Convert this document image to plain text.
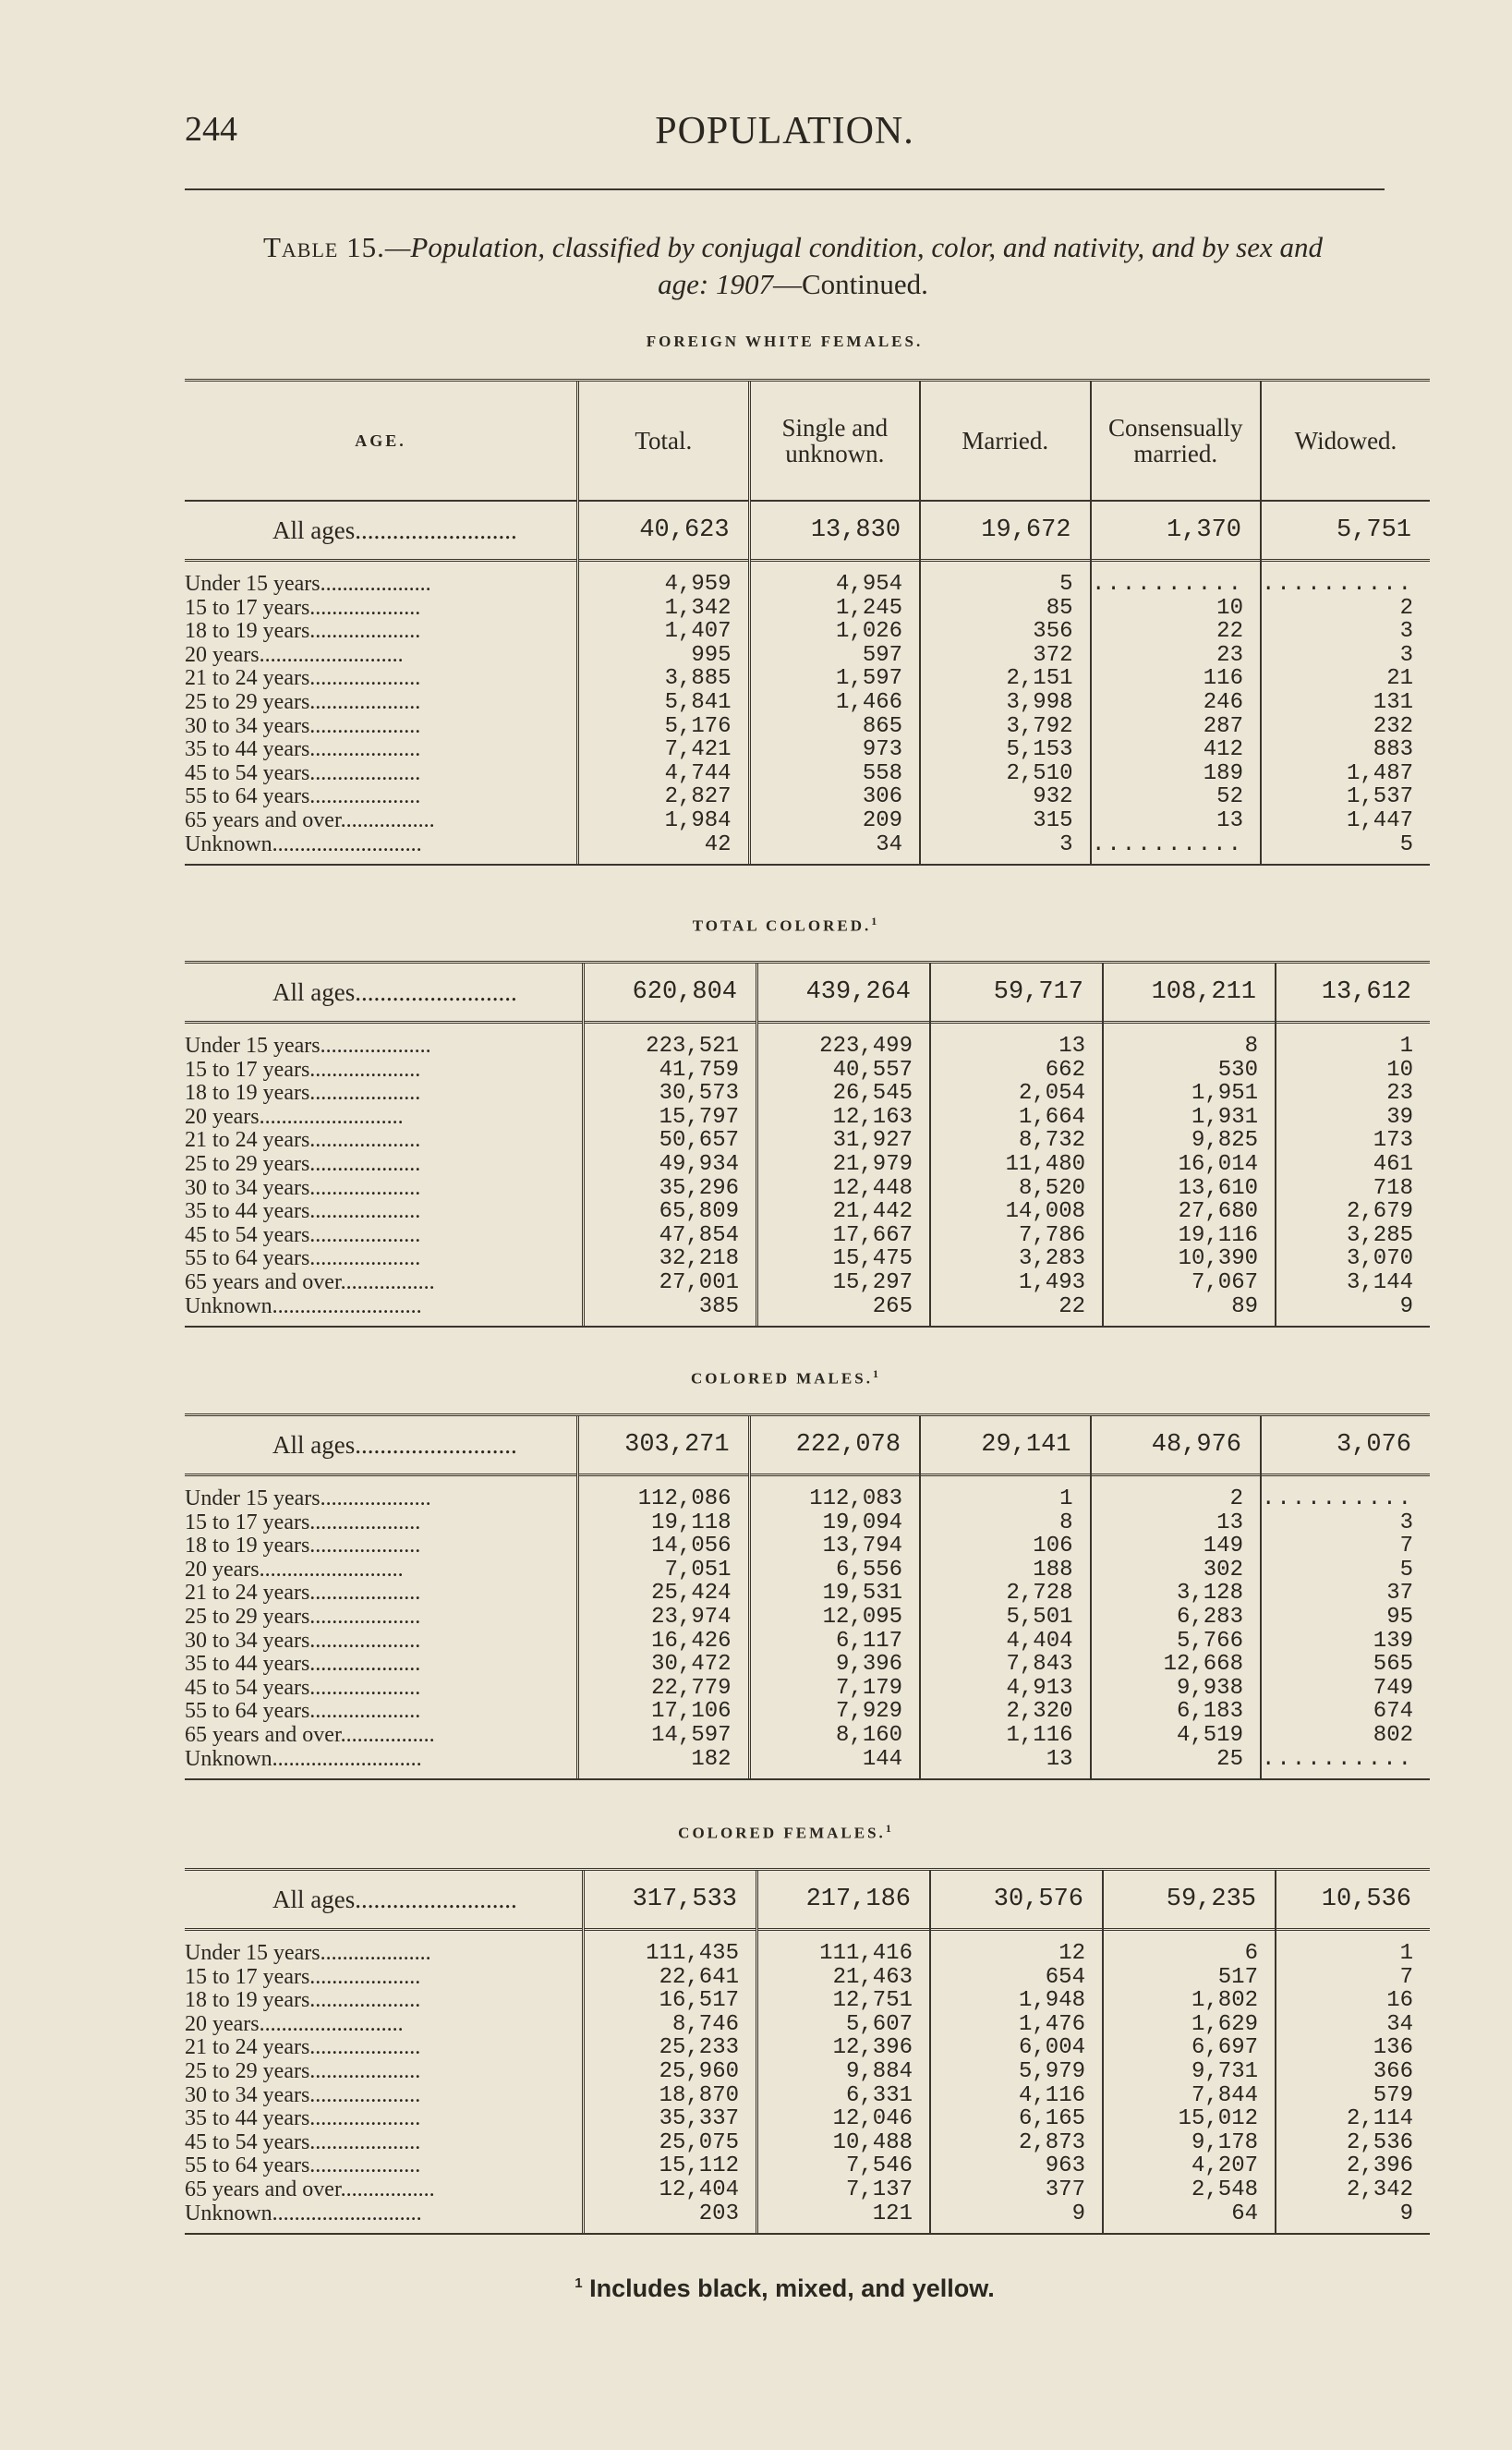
244	POPULATION.
Table 15.—Population, classified by conjugal condition, color, and nativity, and by sex and age: 1907—Continued.
FOREIGN WHITE FEMALES.
AGE.
All ages..........................
Under 15 years....................
15 to 17 years....................
18 to 19 years....................
20 years..........................
21 to 24 years....................
25 to 29 years....................
30 to 34 years....................
35 to 44 years....................
45 to 54 years....................
55 to 64 years....................
65 years and over.................
Unknown...........................
Total.
40,623
4,959
1,342
1,407
995
3,885
5,841
5,176
7,421
4,744
2,827
1,984
42
Single and unknown.
13,830
4,954
1,245
1,026
597
1,597
1,466
865
973
558
306
209
34
Married.
19,672
5
85
356
372
2,151
3,998
3,792
5,153
2,510
932
315
3
Consensually married.
1,370
..........
10
22
23
116
246
287
412
189
52
13
..........
Widowed.
5,751
..........
2
3
3
21
131
232
883
1,487
1,537
1,447
5
TOTAL COLORED.$^1$
All ages..........................
Under 15 years....................
15 to 17 years....................
18 to 19 years....................
20 years..........................
21 to 24 years....................
25 to 29 years....................
30 to 34 years....................
35 to 44 years....................
45 to 54 years....................
55 to 64 years....................
65 years and over.................
Unknown...........................
620,804
223,521
41,759
30,573
15,797
50,657
49,934
35,296
65,809
47,854
32,218
27,001
385
439,264
223,499
40,557
26,545
12,163
31,927
21,979
12,448
21,442
17,667
15,475
15,297
265
59,717
13
662
2,054
1,664
8,732
11,480
8,520
14,008
7,786
3,283
1,493
22
108,211
8
530
1,951
1,931
9,825
16,014
13,610
27,680
19,116
10,390
7,067
89
13,612
1
10
23
39
173
461
718
2,679
3,285
3,070
3,144
9
COLORED MALES.$^1$
All ages..........................
Under 15 years....................
15 to 17 years....................
18 to 19 years....................
20 years..........................
21 to 24 years....................
25 to 29 years....................
30 to 34 years....................
35 to 44 years....................
45 to 54 years....................
55 to 64 years....................
65 years and over.................
Unknown...........................
303,271
112,086
19,118
14,056
7,051
25,424
23,974
16,426
30,472
22,779
17,106
14,597
182
222,078
112,083
19,094
13,794
6,556
19,531
12,095
6,117
9,396
7,179
7,929
8,160
144
29,141
1
8
106
188
2,728
5,501
4,404
7,843
4,913
2,320
1,116
13
48,976
2
13
149
302
3,128
6,283
5,766
12,668
9,938
6,183
4,519
25
3,076
..........
3
7
5
37
95
139
565
749
674
802
..........
COLORED FEMALES.$^1$
All ages..........................
Under 15 years....................
15 to 17 years....................
18 to 19 years....................
20 years..........................
21 to 24 years....................
25 to 29 years....................
30 to 34 years....................
35 to 44 years....................
45 to 54 years....................
55 to 64 years....................
65 years and over.................
Unknown...........................
317,533
111,435
22,641
16,517
8,746
25,233
25,960
18,870
35,337
25,075
15,112
12,404
203
217,186
111,416
21,463
12,751
5,607
12,396
9,884
6,331
12,046
10,488
7,546
7,137
121
30,576
12
654
1,948
1,476
6,004
5,979
4,116
6,165
2,873
963
377
9
59,235
6
517
1,802
1,629
6,697
9,731
7,844
15,012
9,178
4,207
2,548
64
10,536
1
7
16
34
136
366
579
2,114
2,536
2,396
2,342
9
$^1$ Includes black, mixed, and yellow.
